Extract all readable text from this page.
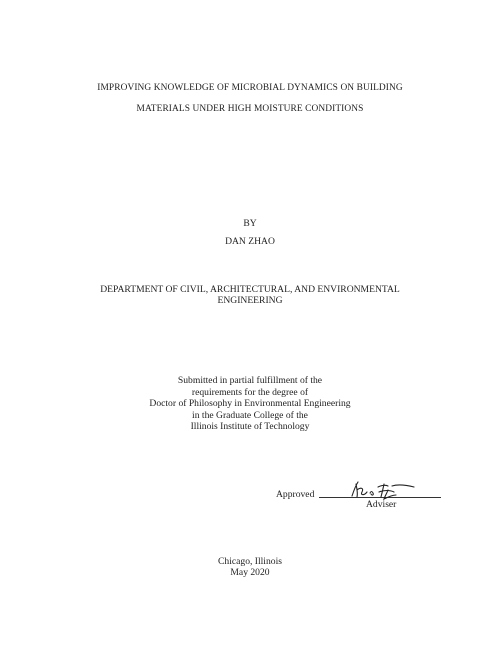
IMPROVING KNOWLEDGE OF MICROBIAL DYNAMICS ON BUILDING
MATERIALS UNDER HIGH MOISTURE CONDITIONS
BY
DAN ZHAO
DEPARTMENT OF CIVIL, ARCHITECTURAL, AND ENVIRONMENTAL
ENGINEERING
Submitted in partial fulfillment of the
requirements for the degree of
Doctor of Philosophy in Environmental Engineering
in the Graduate College of the
Illinois Institute of Technology
Approved
Adviser
Chicago, Illinois
May 2020
